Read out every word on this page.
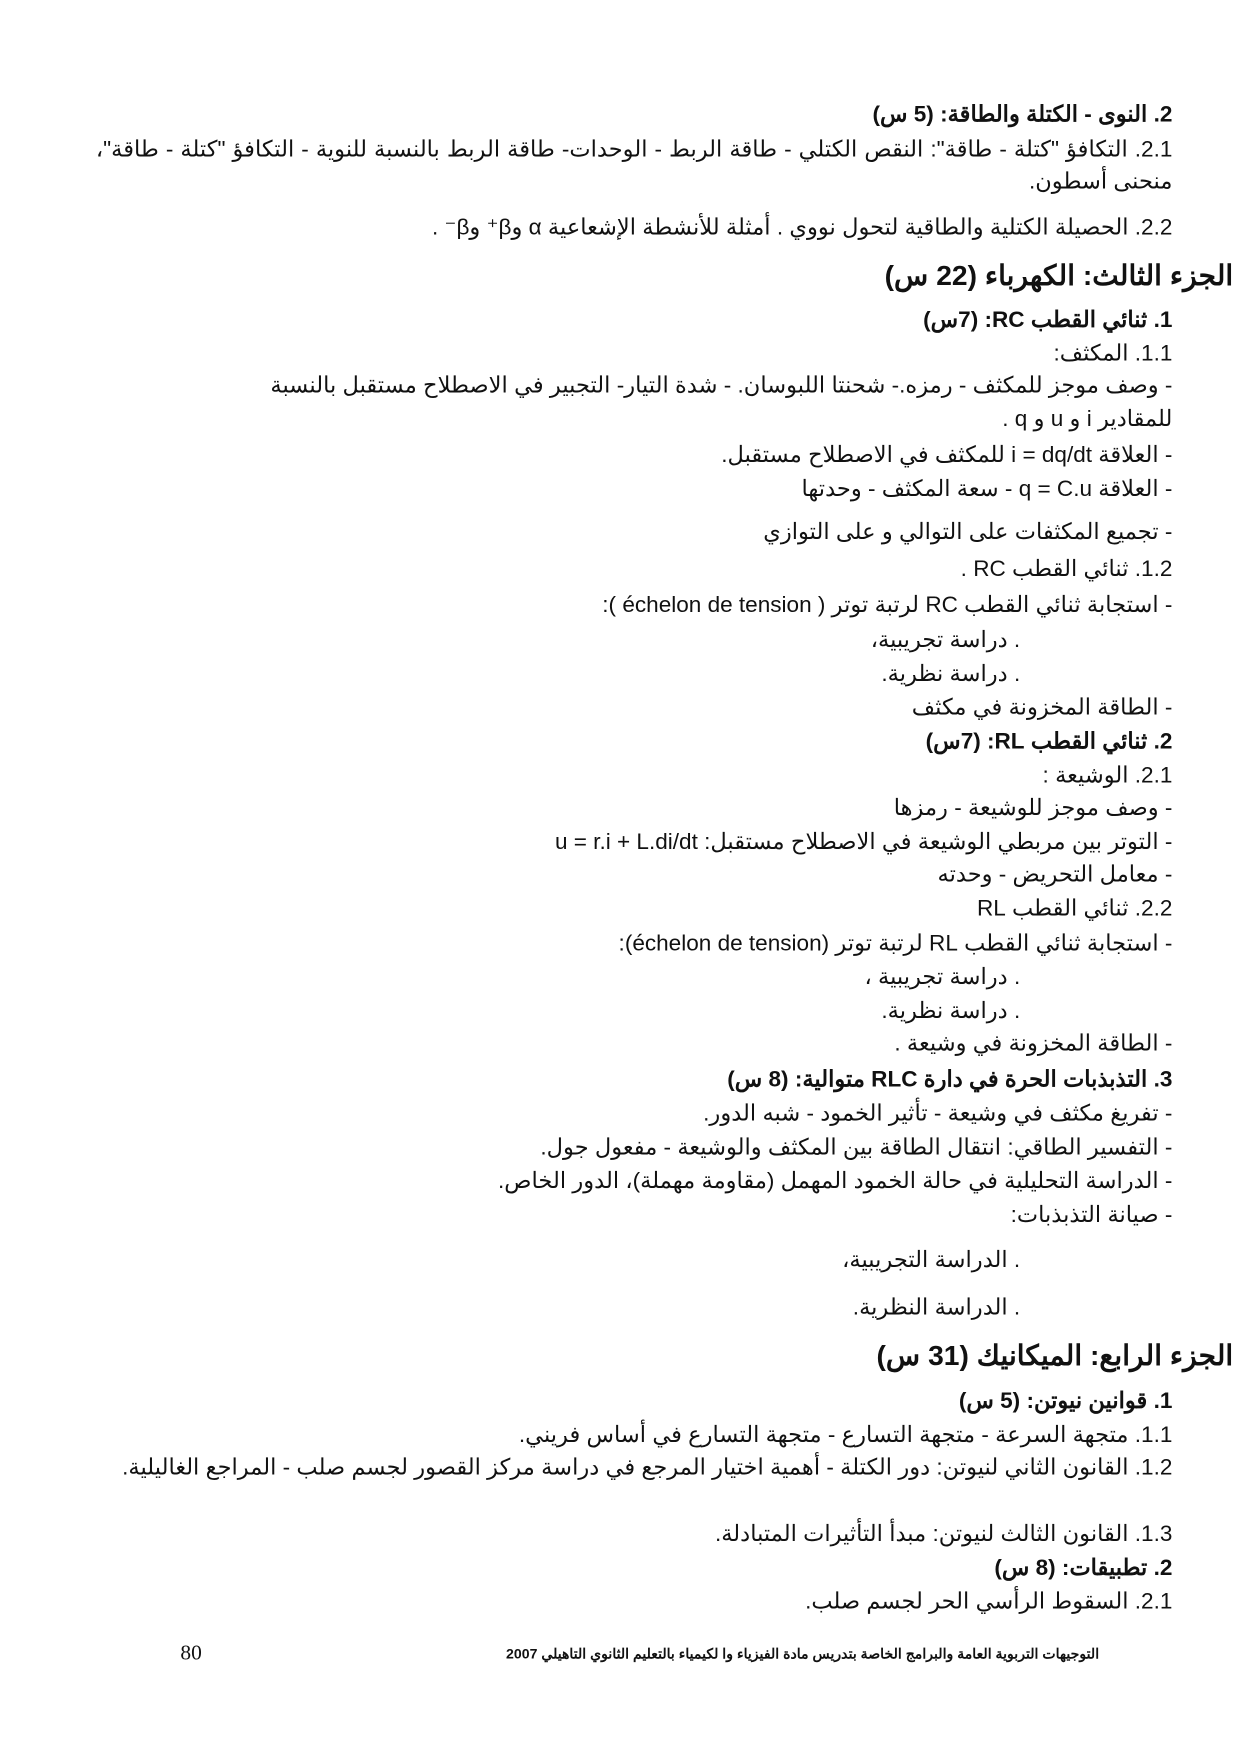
2. النوى - الكتلة والطاقة: (5 س)
2.1. التكافؤ "كتلة - طاقة": النقص الكتلي - طاقة الربط - الوحدات- طاقة الربط بالنسبة للنوية - التكافؤ "كتلة - طاقة"، منحنى أسطون.
2.2. الحصيلة الكتلية والطاقية لتحول نووي . أمثلة للأنشطة الإشعاعية α وβ⁺ وβ⁻ .
الجزء الثالث: الكهرباء (22 س)
1. ثنائي القطب RC: (7س)
1.1. المكثف:
- وصف موجز للمكثف - رمزه.- شحنتا اللبوسان. - شدة التيار- التجبير في الاصطلاح مستقبل بالنسبة
للمقادير i و u و q .
- العلاقة i = dq/dt للمكثف في الاصطلاح مستقبل.
- العلاقة q = C.u - سعة المكثف - وحدتها
- تجميع المكثفات على التوالي و على التوازي
1.2. ثنائي القطب RC .
- استجابة ثنائي القطب RC لرتبة توتر ( échelon de tension ):
. دراسة تجريبية،
. دراسة نظرية.
- الطاقة المخزونة في مكثف
2. ثنائي القطب RL: (7س)
2.1. الوشيعة :
- وصف موجز للوشيعة - رمزها
- التوتر بين مربطي الوشيعة في الاصطلاح مستقبل: u = r.i + L.di/dt
- معامل التحريض - وحدته
2.2. ثنائي القطب RL
- استجابة ثنائي القطب RL لرتبة توتر (échelon de tension):
. دراسة تجريبية ،
. دراسة نظرية.
- الطاقة المخزونة في وشيعة .
3. التذبذبات الحرة في دارة RLC متوالية: (8 س)
- تفريغ مكثف في وشيعة - تأثير الخمود - شبه الدور.
- التفسير الطاقي: انتقال الطاقة بين المكثف والوشيعة - مفعول جول.
- الدراسة التحليلية في حالة الخمود المهمل (مقاومة مهملة)، الدور الخاص.
- صيانة التذبذبات:
. الدراسة التجريبية،
. الدراسة النظرية.
الجزء الرابع: الميكانيك (31 س)
1. قوانين نيوتن: (5 س)
1.1. متجهة السرعة - متجهة التسارع - متجهة التسارع في أساس فريني.
1.2. القانون الثاني لنيوتن: دور الكتلة - أهمية اختيار المرجع في دراسة مركز القصور لجسم صلب - المراجع الغاليلية.
1.3. القانون الثالث لنيوتن: مبدأ التأثيرات المتبادلة.
2. تطبيقات: (8 س)
2.1. السقوط الرأسي الحر لجسم صلب.
التوجيهات التربوية العامة والبرامج الخاصة بتدريس مادة الفيزياء وا لكيمياء بالتعليم الثانوي التاهيلي 2007
80
